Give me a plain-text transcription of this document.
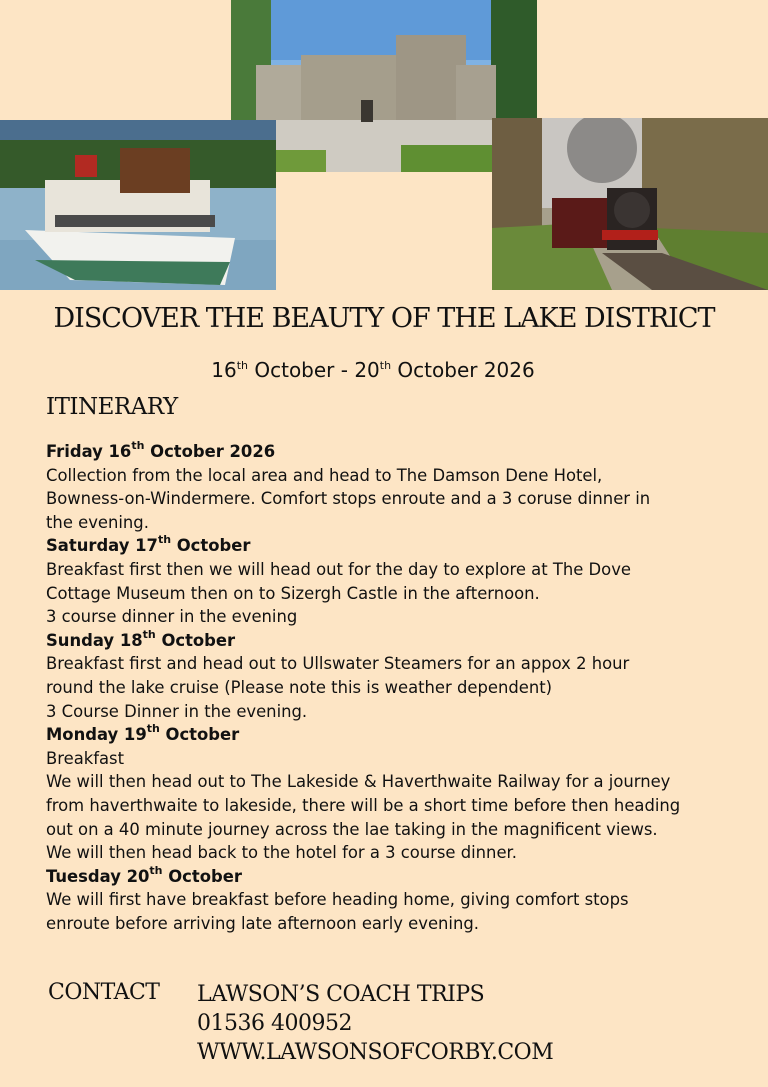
DISCOVER THE BEAUTY OF THE LAKE DISTRICT
16th October - 20th October 2026
ITINERARY
Friday 16th October 2026
Collection from the local area and head to The Damson Dene Hotel,
Bowness-on-Windermere. Comfort stops enroute and a 3 coruse dinner in
the evening.
Saturday 17th October
Breakfast first then we will head out for the day to explore at The Dove
Cottage Museum then on to Sizergh Castle in the afternoon.
3 course dinner in the evening
Sunday 18th October
Breakfast first and head out to Ullswater Steamers for an appox 2 hour
round the lake cruise (Please note this is weather dependent)
3 Course Dinner in the evening.
Monday 19th October
Breakfast
We will then head out to The Lakeside & Haverthwaite Railway for a journey
from haverthwaite to lakeside, there will be a short time before then heading
out on a 40 minute journey across the lae taking in the magnificent views.
We will then head back to the hotel for a 3 course dinner.
Tuesday 20th October
We will first have breakfast before heading home, giving comfort stops
enroute before arriving late afternoon early evening.
CONTACT LAWSON’S COACH TRIPS
01536 400952
WWW.LAWSONSOFCORBY.COM
